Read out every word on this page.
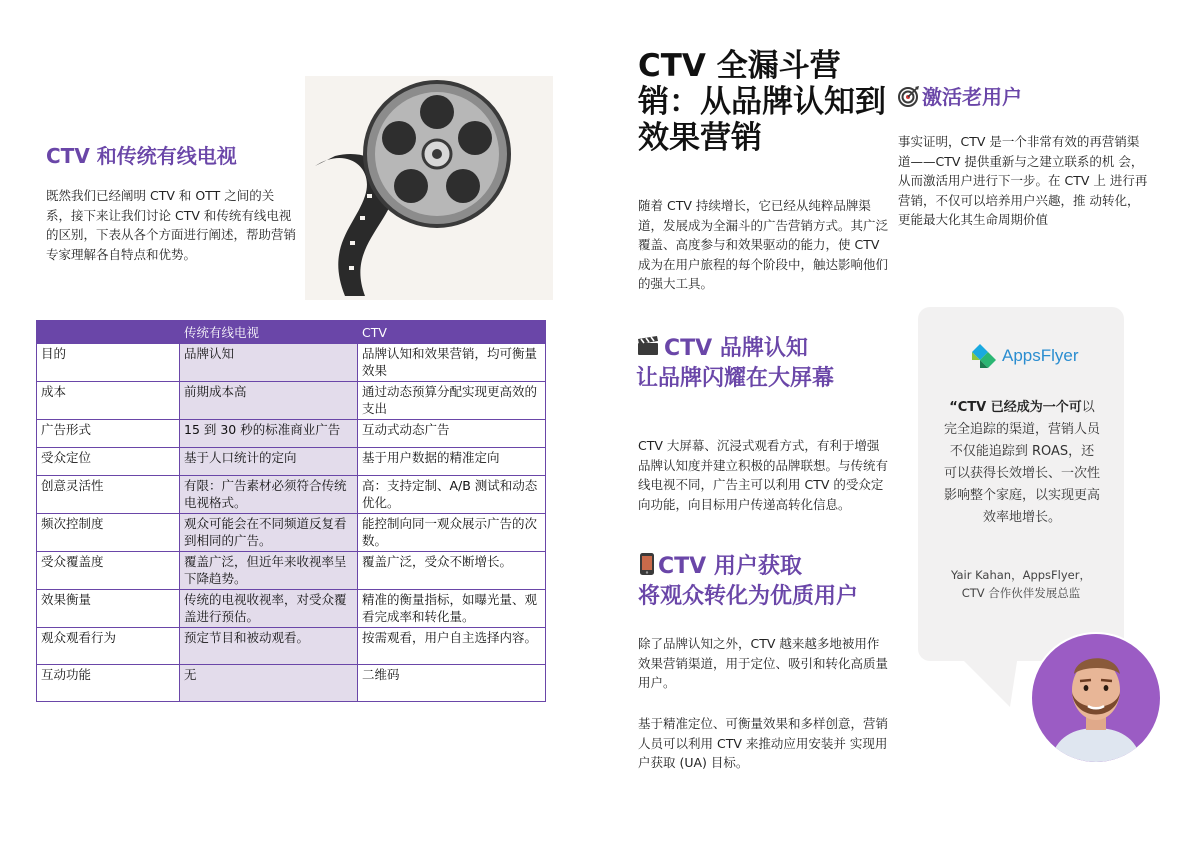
CTV 和传统有线电视
既然我们已经阐明 CTV 和 OTT 之间的关系，接下来让我们讨论 CTV 和传统有线电视的区别，下表从各个方面进行阐述，帮助营销专家理解各自特点和优势。
	传统有线电视	CTV
目的	品牌认知	品牌认知和效果营销，均可衡量效果
成本	前期成本高	通过动态预算分配实现更高效的支出
广告形式	15 到 30 秒的标准商业广告	互动式动态广告
受众定位	基于人口统计的定向	基于用户数据的精准定向
创意灵活性	有限：广告素材必须符合传统电视格式。	高：支持定制、A/B 测试和动态优化。
频次控制度	观众可能会在不同频道反复看到相同的广告。	能控制向同一观众展示广告的次数。
受众覆盖度	覆盖广泛，但近年来收视率呈下降趋势。	覆盖广泛，受众不断增长。
效果衡量	传统的电视收视率，对受众覆盖进行预估。	精准的衡量指标，如曝光量、观看完成率和转化量。
观众观看行为	预定节目和被动观看。	按需观看，用户自主选择内容。
互动功能	无	二维码
CTV 全漏斗营销：从品牌认知到效果营销
随着 CTV 持续增长，它已经从纯粹品牌渠道，发展成为全漏斗的广告营销方式。其广泛覆盖、高度参与和效果驱动的能力，使 CTV 成为在用户旅程的每个阶段中，触达影响他们的强大工具。
CTV 品牌认知
让品牌闪耀在大屏幕
CTV 大屏幕、沉浸式观看方式，有利于增强品牌认知度并建立积极的品牌联想。与传统有线电视不同，广告主可以利用 CTV 的受众定向功能，向目标用户传递高转化信息。
CTV 用户获取
将观众转化为优质用户
除了品牌认知之外，CTV 越来越多地被用作效果营销渠道，用于定位、吸引和转化高质量用户。
基于精准定位、可衡量效果和多样创意，营销人员可以利用 CTV 来推动应用安装并 实现用户获取 (UA) 目标。
激活老用户
事实证明，CTV 是一个非常有效的再营销渠道——CTV 提供重新与之建立联系的机 会，从而激活用户进行下一步。在 CTV 上 进行再营销，不仅可以培养用户兴趣，推 动转化，更能最大化其生命周期价值
AppsFlyer
“CTV 已经成为一个可以完全追踪的渠道，营销人员不仅能追踪到 ROAS，还可以获得长效增长、一次性影响整个家庭，以实现更高效率地增长。
Yair Kahan，AppsFlyer，
CTV 合作伙伴发展总监
